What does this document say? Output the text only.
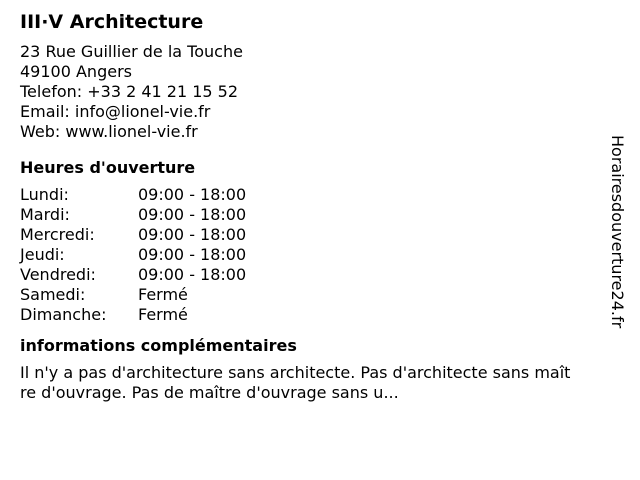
III·V Architecture
23 Rue Guillier de la Touche
49100 Angers
Telefon: +33 2 41 21 15 52
Email: info@lionel-vie.fr
Web: www.lionel-vie.fr
Heures d'ouverture
Lundi:	09:00 - 18:00
Mardi:	09:00 - 18:00
Mercredi:	09:00 - 18:00
Jeudi:	09:00 - 18:00
Vendredi:	09:00 - 18:00
Samedi:	Fermé
Dimanche:	Fermé
informations complémentaires
Il n'y a pas d'architecture sans architecte. Pas d'architecte sans maître d'ouvrage. Pas de maître d'ouvrage sans u...
Horairesdouverture24.fr
